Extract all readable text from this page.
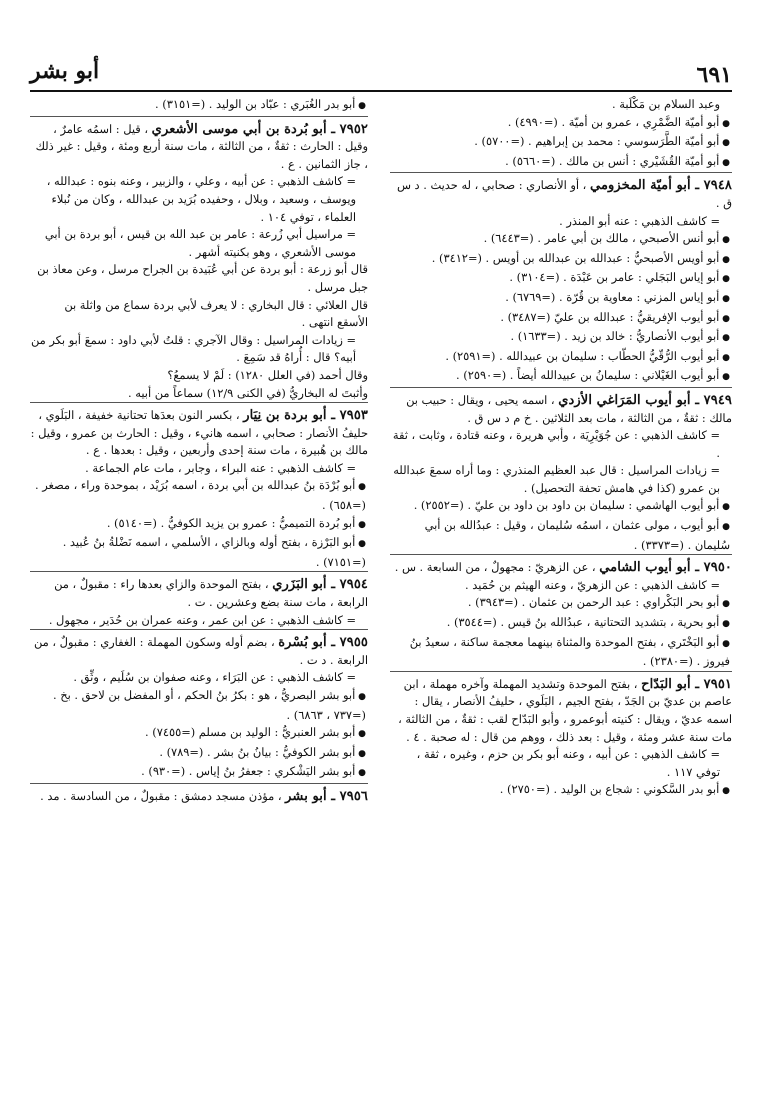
٦٩١
أبو بشر
وعبد السلام بن مَكْلَبة .
● أبو أميّة الضَّمْرِي ، عمرو بن أميّة . (=٤٩٩٠) .
● أبو أميّة الطَّرَسوسي : محمد بن إبراهيم . (=٥٧٠٠) .
● أبو أميّة القُشَيْري : أنس بن مالك . (=٥٦٦٠) .
٧٩٤٨ ـ أبو أميّة المخزومي ، أو الأنصاري : صحابي ، له حديث . د س ق .
= كاشف الذهبي : عنه أبو المنذر .
● أبو أنس الأصبحي ، مالك بن أبي عامر . (=٦٤٤٣) .
● أبو أويس الأصبحيُّ : عبدالله بن عبدالله بن أويس . (=٣٤١٢) .
● أبو إياس البَجَلي : عامر بن عَبْدَة . (=٣١٠٤) .
● أبو إياس المزني : معاوية بن قُرّة . (=٦٧٦٩) .
● أبو أيوب الإفريقيُّ : عبدالله بن عليّ (=٣٤٨٧) .
● أبو أيوب الأنصاريُّ : خالد بن زيد . (=١٦٣٣) .
● أبو أيوب الرُّقّيُّ الحطّاب : سليمان بن عبيدالله . (=٢٥٩١) .
● أبو أيوب الغَيْلاني : سليمانُ بن عبيدالله أيضاً . (=٢٥٩٠) .
٧٩٤٩ ـ أبو أيوب المَرَاغي الأزدي ، اسمه يحيى ، ويقال : حبيب بن مالك : ثقةٌ ، من الثالثة ، مات بعد الثلاثين . خ م د س ق .
= كاشف الذهبي : عن جُوَيْرِيَة ، وأبي هريرة ، وعنه قتادة ، وثابت ، ثقة .
= زيادات المراسيل : قال عبد العظيم المنذري : وما أراه سمعَ عبدالله بن عمرو (كذا في هامش تحفة التحصيل) .
● أبو أيوب الهاشمي : سليمان بن داود بن داود بن عليّ . (=٢٥٥٢) .
● أبو أيوب ، مولى عثمان ، اسمُه سُليمان ، وقيل : عبدُالله بن أبي سُليمان . (=٣٣٧٣) .
٧٩٥٠ ـ أبو أيوب الشامي ، عن الزهريّ : مجهولٌ ، من السابعة . س .
= كاشف الذهبي : عن الزهريّ ، وعنه الهيثم بن حُمَيد .
● أبو بحر البَكْراوي : عبد الرحمن بن عثمان . (=٣٩٤٣) .
● أبو بحرية ، بتشديد التحتانية ، عبدُالله بنُ قيس . (=٣٥٤٤) .
● أبو البَخْتَري ، بفتح الموحدة والمثناة بينهما معجمة ساكنة ، سعيدُ بنُ فيروز . (=٢٣٨٠) .
٧٩٥١ ـ أبو البَدّاح ، بفتح الموحدة وتشديد المهملة وآخره مهملة ، ابن عاصم بن عديّ بن الجَدّ ، بفتح الجيم ، البَلَوي ، حليفُ الأنصار ، يقال : اسمه عديّ ، ويقال : كنيته أبوعمرو ، وأبو البَدّاح لقب : ثقةٌ ، من الثالثة ، مات سنة عشر ومئة ، وقيل : بعد ذلك ، ووهم من قال : له صحبة . ٤ .
= كاشف الذهبي : عن أبيه ، وعنه أبو بكر بن حزم ، وغيره ، ثقة ، توفي ١١٧ .
● أبو بدر السَّكوني : شجاع بن الوليد . (=٢٧٥٠) .
● أبو بدر الغُبَري : عبّاد بن الوليد . (=٣١٥١) .
٧٩٥٢ ـ أبو بُردة بن أبي موسى الأشعري ، قيل : اسمُه عامرٌ ، وقيل : الحارث : ثقةٌ ، من الثالثة ، مات سنة أربع ومئة ، وقيل : غير ذلك ، جاز الثمانين . ع .
= كاشف الذهبي : عن أبيه ، وعلي ، والزبير ، وعنه بنوه : عبدالله ، ويوسف ، وسعيد ، وبلال ، وحفيده بُرَيد بن عبدالله ، وكان من نُبلاء العلماء ، توفي ١٠٤ .
= مراسيل أبي زُرعة : عامر بن عبد الله بن قيس ، أبو بردة بن أبي موسى الأشعري ، وهو بكنيته أشهر .
قال أبو زرعة : أبو بردة عن أبي عُبَيدة بن الجراح مرسل ، وعن معاذ بن جبل مرسل .
قال العلائي : قال البخاري : لا يعرف لأبي بردة سماع من واثلة بن الأسقع انتهى .
= زيادات المراسيل : وقال الآجري : قلتُ لأبي داود : سمعَ أبو بكر من أبيه؟ قال : أُراهُ قد سَمِعَ .
وقال أحمد (في العلل ١٢٨٠) : لَمْ لا يسمعُ؟
وأثبتَ له البخاريُّ (في الكنى ١٢/٩) سماعاً من أبيه .
٧٩٥٣ ـ أبو بردة بن نِيَار ، بكسر النون بعدَها تحتانية خفيفة ، البَلَوي ، حليفُ الأنصار : صحابي ، اسمه هانيء ، وقيل : الحارث بن عمرو ، وقيل : مالك بن هُبيرة ، مات سنة إحدى وأربعين ، وقيل : بعدها . ع .
= كاشف الذهبي : عنه البراء ، وجابر ، مات عام الجماعة .
● أبو بُرْدَة بنُ عبدالله بن أبي بردة ، اسمه بُرَيْد ، بموحدة وراء ، مصغر . (=٦٥٨) .
● أبو بُردة التميميُّ : عمرو بن يزيد الكوفيُّ . (=٥١٤٠) .
● أبو البَرْزة ، بفتح أوله وبالزاي ، الأسلمي ، اسمه نَضْلةُ بنُ عُبيد . (=٧١٥١) .
٧٩٥٤ ـ أبو البَزَري ، بفتح الموحدة والزاي بعدها راء : مقبولٌ ، من الرابعة ، مات سنة بضع وعشرين . ت .
= كاشف الذهبي : عن ابن عمر ، وعنه عمران بن حُدَير ، مجهول .
٧٩٥٥ ـ أبو بُسْرة ، بضم أوله وسكون المهملة : الغفاري : مقبولٌ ، من الرابعة . د ت .
= كاشف الذهبي : عن البَرَاء ، وعنه صفوان بن سُلَيم ، وثِّق .
● أبو بشر البصريُّ ، هو : بكرُ بنُ الحكم ، أو المفضل بن لاحق . بخ . (=٧٣٧ ، ٦٨٦٣) .
● أبو بشر العنبريُّ : الوليد بن مسلم (=٧٤٥٥) .
● أبو بشر الكوفيُّ : بيانُ بنُ بشر . (=٧٨٩) .
● أبو بشر اليَشْكري : جعفرُ بنُ إياس . (=٩٣٠) .
٧٩٥٦ ـ أبو بشر ، مؤذن مسجد دمشق : مقبولٌ ، من السادسة . مد .
